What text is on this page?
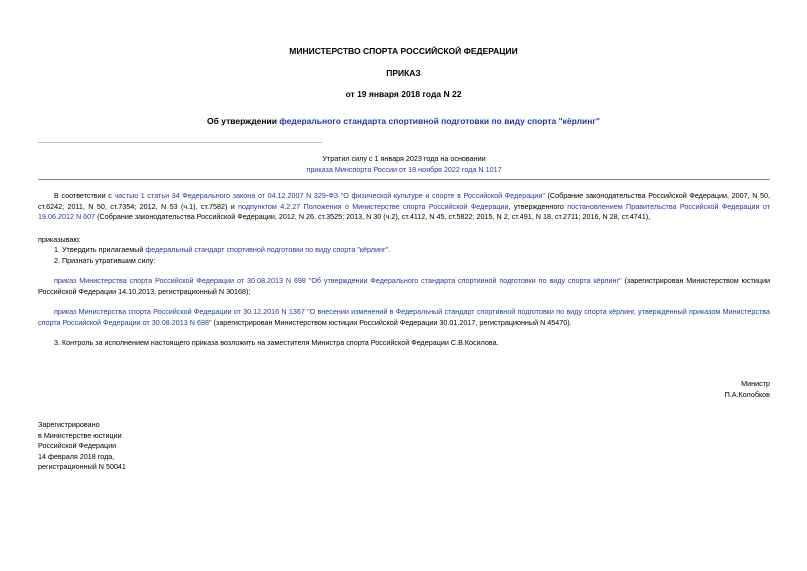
МИНИСТЕРСТВО СПОРТА РОССИЙСКОЙ ФЕДЕРАЦИИ
ПРИКАЗ
от 19 января 2018 года N 22
Об утверждении федерального стандарта спортивной подготовки по виду спорта "кёрлинг"
Утратил силу с 1 января 2023 года на основании
приказа Минспорта России от 18 ноября 2022 года N 1017
В соответствии с частью 1 статьи 34 Федерального закона от 04.12.2007 N 329-ФЗ "О физической культуре и спорте в Российской Федерации" (Собрание законодательства Российской Федерации, 2007, N 50, ст.6242; 2011, N 50, ст.7354; 2012, N 53 (ч.1), ст.7582) и подпунктом 4.2.27 Положения о Министерстве спорта Российской Федерации, утвержденного постановлением Правительства Российской Федерации от 19.06.2012 N 607 (Собрание законодательства Российской Федерации, 2012, N 26, ст.3525; 2013, N 30 (ч.2), ст.4112, N 45, ст.5822; 2015, N 2, ст.491, N 18, ст.2711; 2016, N 28, ст.4741),
приказываю:
1. Утвердить прилагаемый федеральный стандарт спортивной подготовки по виду спорта "кёрлинг".
2. Признать утратившим силу:
приказ Министерства спорта Российской Федерации от 30.08.2013 N 698 "Об утверждении Федерального стандарта спортивной подготовки по виду спорта кёрлинг" (зарегистрирован Министерством юстиции Российской Федерации 14.10.2013, регистрационный N 30168);
приказ Министерства спорта Российской Федерации от 30.12.2016 N 1367 "О внесении изменений в Федеральный стандарт спортивной подготовки по виду спорта кёрлинг, утвержденный приказом Министерства спорта Российской Федерации от 30.08.2013 N 698" (зарегистрирован Министерством юстиции Российской Федерации 30.01.2017, регистрационный N 45470).
3. Контроль за исполнением настоящего приказа возложить на заместителя Министра спорта Российской Федерации С.В.Косилова.
Министр
П.А.Колобков
Зарегистрировано
в Министерстве юстиции
Российской Федерации
14 февраля 2018 года,
регистрационный N 50041
